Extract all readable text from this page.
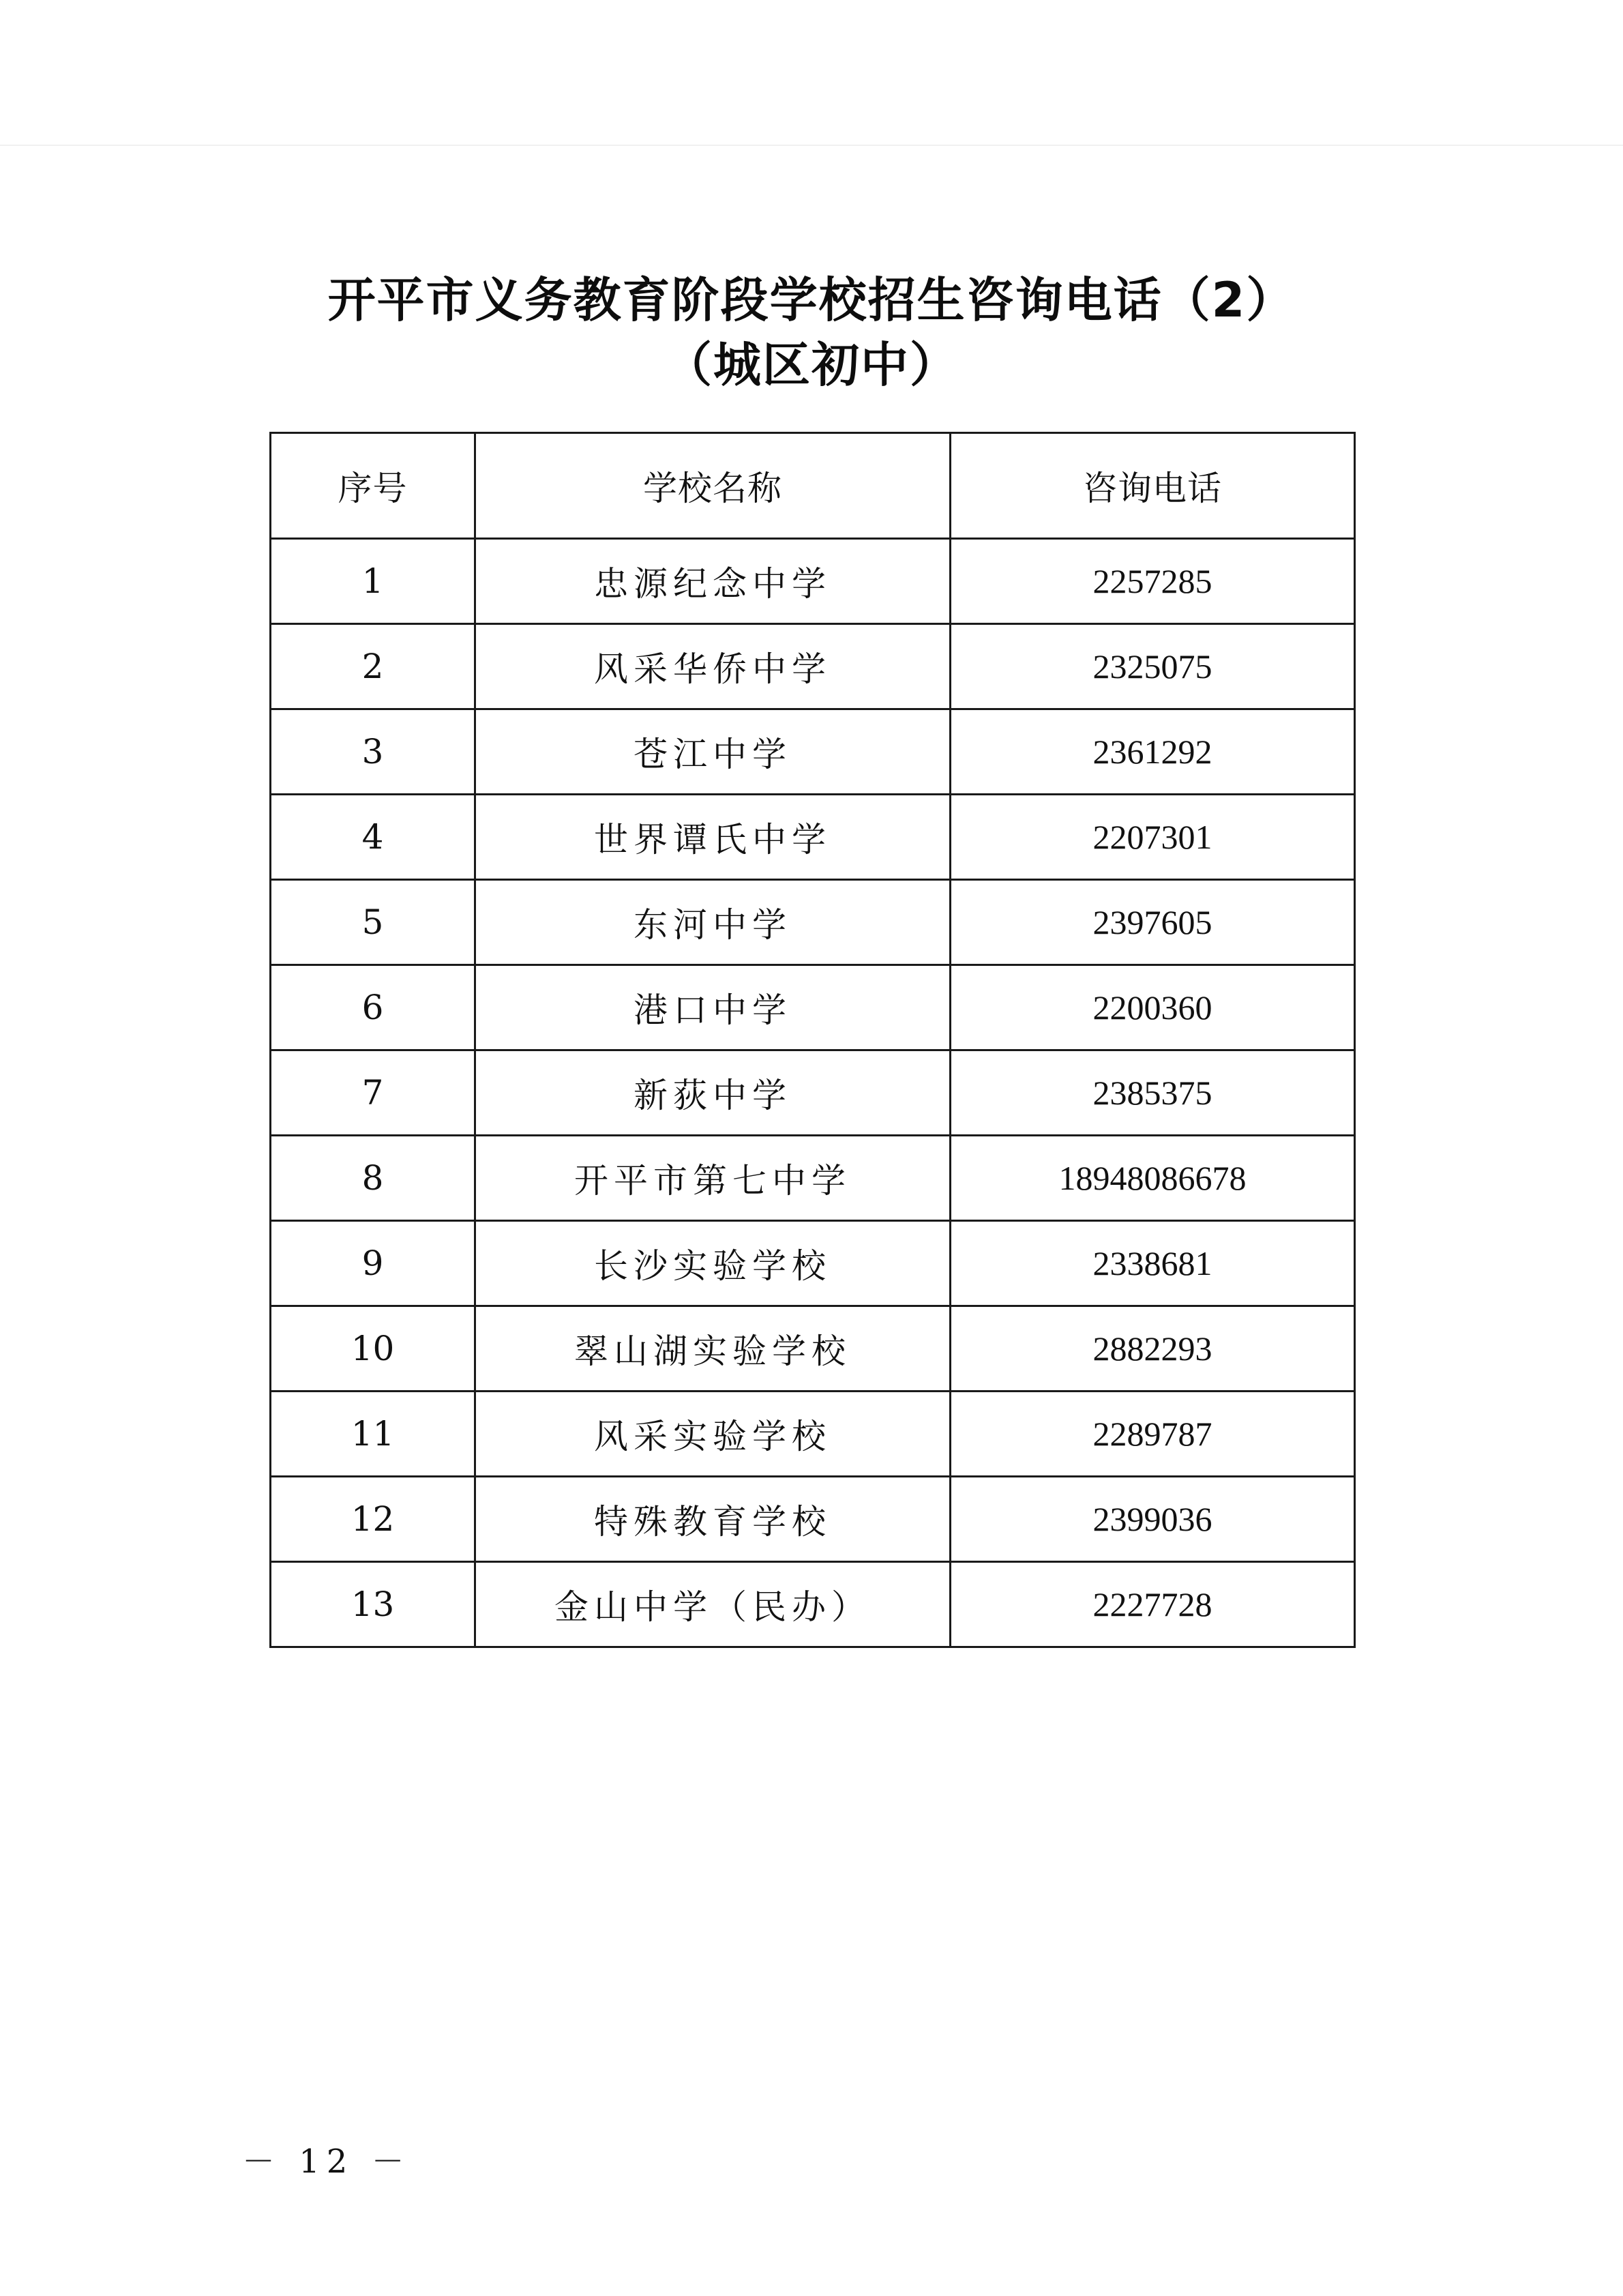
开平市义务教育阶段学校招生咨询电话（2）
（城区初中）
序号	学校名称	咨询电话
1	忠源纪念中学	2257285
2	风采华侨中学	2325075
3	苍江中学	2361292
4	世界谭氏中学	2207301
5	东河中学	2397605
6	港口中学	2200360
7	新荻中学	2385375
8	开平市第七中学	18948086678
9	长沙实验学校	2338681
10	翠山湖实验学校	2882293
11	风采实验学校	2289787
12	特殊教育学校	2399036
13	金山中学（民办）	2227728
－ 12 －
